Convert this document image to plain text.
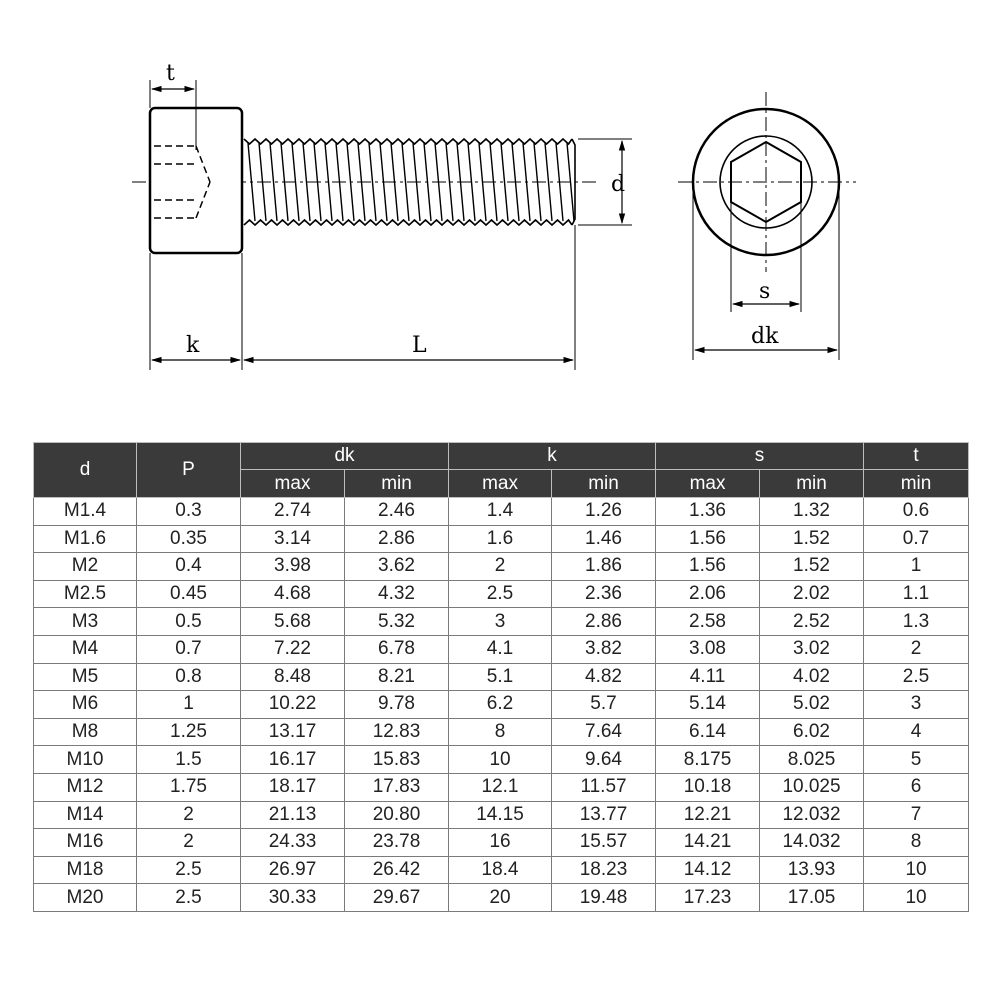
t
d
k	L
s
dk
d	P	dk		k		s		t
		max	min	max	min	max	min	min
M1.4	0.3	2.74	2.46	1.4	1.26	1.36	1.32	0.6
M1.6	0.35	3.14	2.86	1.6	1.46	1.56	1.52	0.7
M2	0.4	3.98	3.62	2	1.86	1.56	1.52	1
M2.5	0.45	4.68	4.32	2.5	2.36	2.06	2.02	1.1
M3	0.5	5.68	5.32	3	2.86	2.58	2.52	1.3
M4	0.7	7.22	6.78	4.1	3.82	3.08	3.02	2
M5	0.8	8.48	8.21	5.1	4.82	4.11	4.02	2.5
M6	1	10.22	9.78	6.2	5.7	5.14	5.02	3
M8	1.25	13.17	12.83	8	7.64	6.14	6.02	4
M10	1.5	16.17	15.83	10	9.64	8.175	8.025	5
M12	1.75	18.17	17.83	12.1	11.57	10.18	10.025	6
M14	2	21.13	20.80	14.15	13.77	12.21	12.032	7
M16	2	24.33	23.78	16	15.57	14.21	14.032	8
M18	2.5	26.97	26.42	18.4	18.23	14.12	13.93	10
M20	2.5	30.33	29.67	20	19.48	17.23	17.05	10
